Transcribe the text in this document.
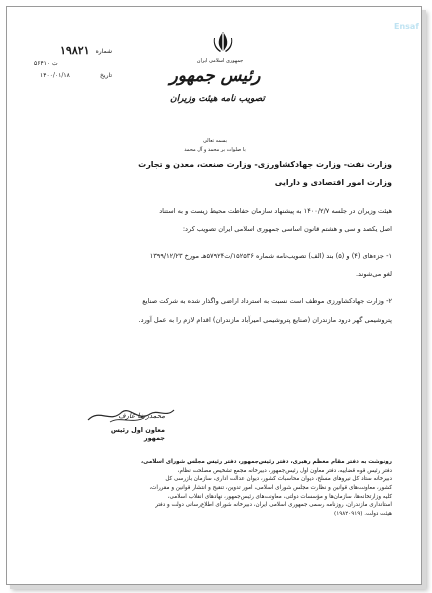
جمهوری اسلامی ایران
رئیس جمهور
تصویب نامه هیئت وزیران
Ensaf
شماره
۱۹۸۲۱
ت ۵۶۴۱۰
تاریخ
۱۴۰۰/۰۱/۱۸
بسمه تعالی
با صلوات بر محمد و آل محمد
وزارت نفت- وزارت جهادکشاورزی- وزارت صنعت، معدن و تجارت
وزارت امور اقتصادی و دارایی
هیئت وزیران در جلسه ۱۴۰۰/۲/۷ به پیشنهاد سازمان حفاظت محیط زیست و به استناد
اصل یکصد و سی و هشتم قانون اساسی جمهوری اسلامی ایران تصویب کرد:
۱- جزءهای (۴) و (۵) بند (الف) تصویب‌نامه شماره ۱۵۲۵۳۶/ت۵۷۹۲۴هـ مورخ ۱۳۹۹/۱۲/۲۳
لغو می‌شوند.
۲- وزارت جهادکشاورزی موظف است نسبت به استرداد اراضی واگذار شده به شرکت صنایع
پتروشیمی گهر درود مازندران (صنایع پتروشیمی امیرآباد مازندران) اقدام لازم را به عمل آورد.
محمدرضا عارف
معاون اول رئیس جمهور
رونوشت به دفتر مقام معظم رهبری، دفتر رئیس‌جمهور، دفتر رئیس مجلس شورای اسلامی،
دفتر رئیس قوه قضاییه، دفتر معاون اول رئیس‌جمهور، دبیرخانه مجمع تشخیص مصلحت نظام،
دبیرخانه ستاد کل نیروهای مسلح، دیوان محاسبات کشور، دیوان عدالت اداری، سازمان بازرسی کل
کشور، معاونت‌های قوانین و نظارت مجلس شورای اسلامی، امور تدوین، تنقیح و انتشار قوانین و مقررات،
کلیه وزارتخانه‌ها، سازمان‌ها و مؤسسات دولتی، معاونت‌های رئیس‌جمهور، نهادهای انقلاب اسلامی،
استانداری مازندران، روزنامه رسمی جمهوری اسلامی ایران، دبیرخانه شورای اطلاع‌رسانی دولت و دفتر
هیئت دولت. (۱۹۸۲۰۹۱۹)
